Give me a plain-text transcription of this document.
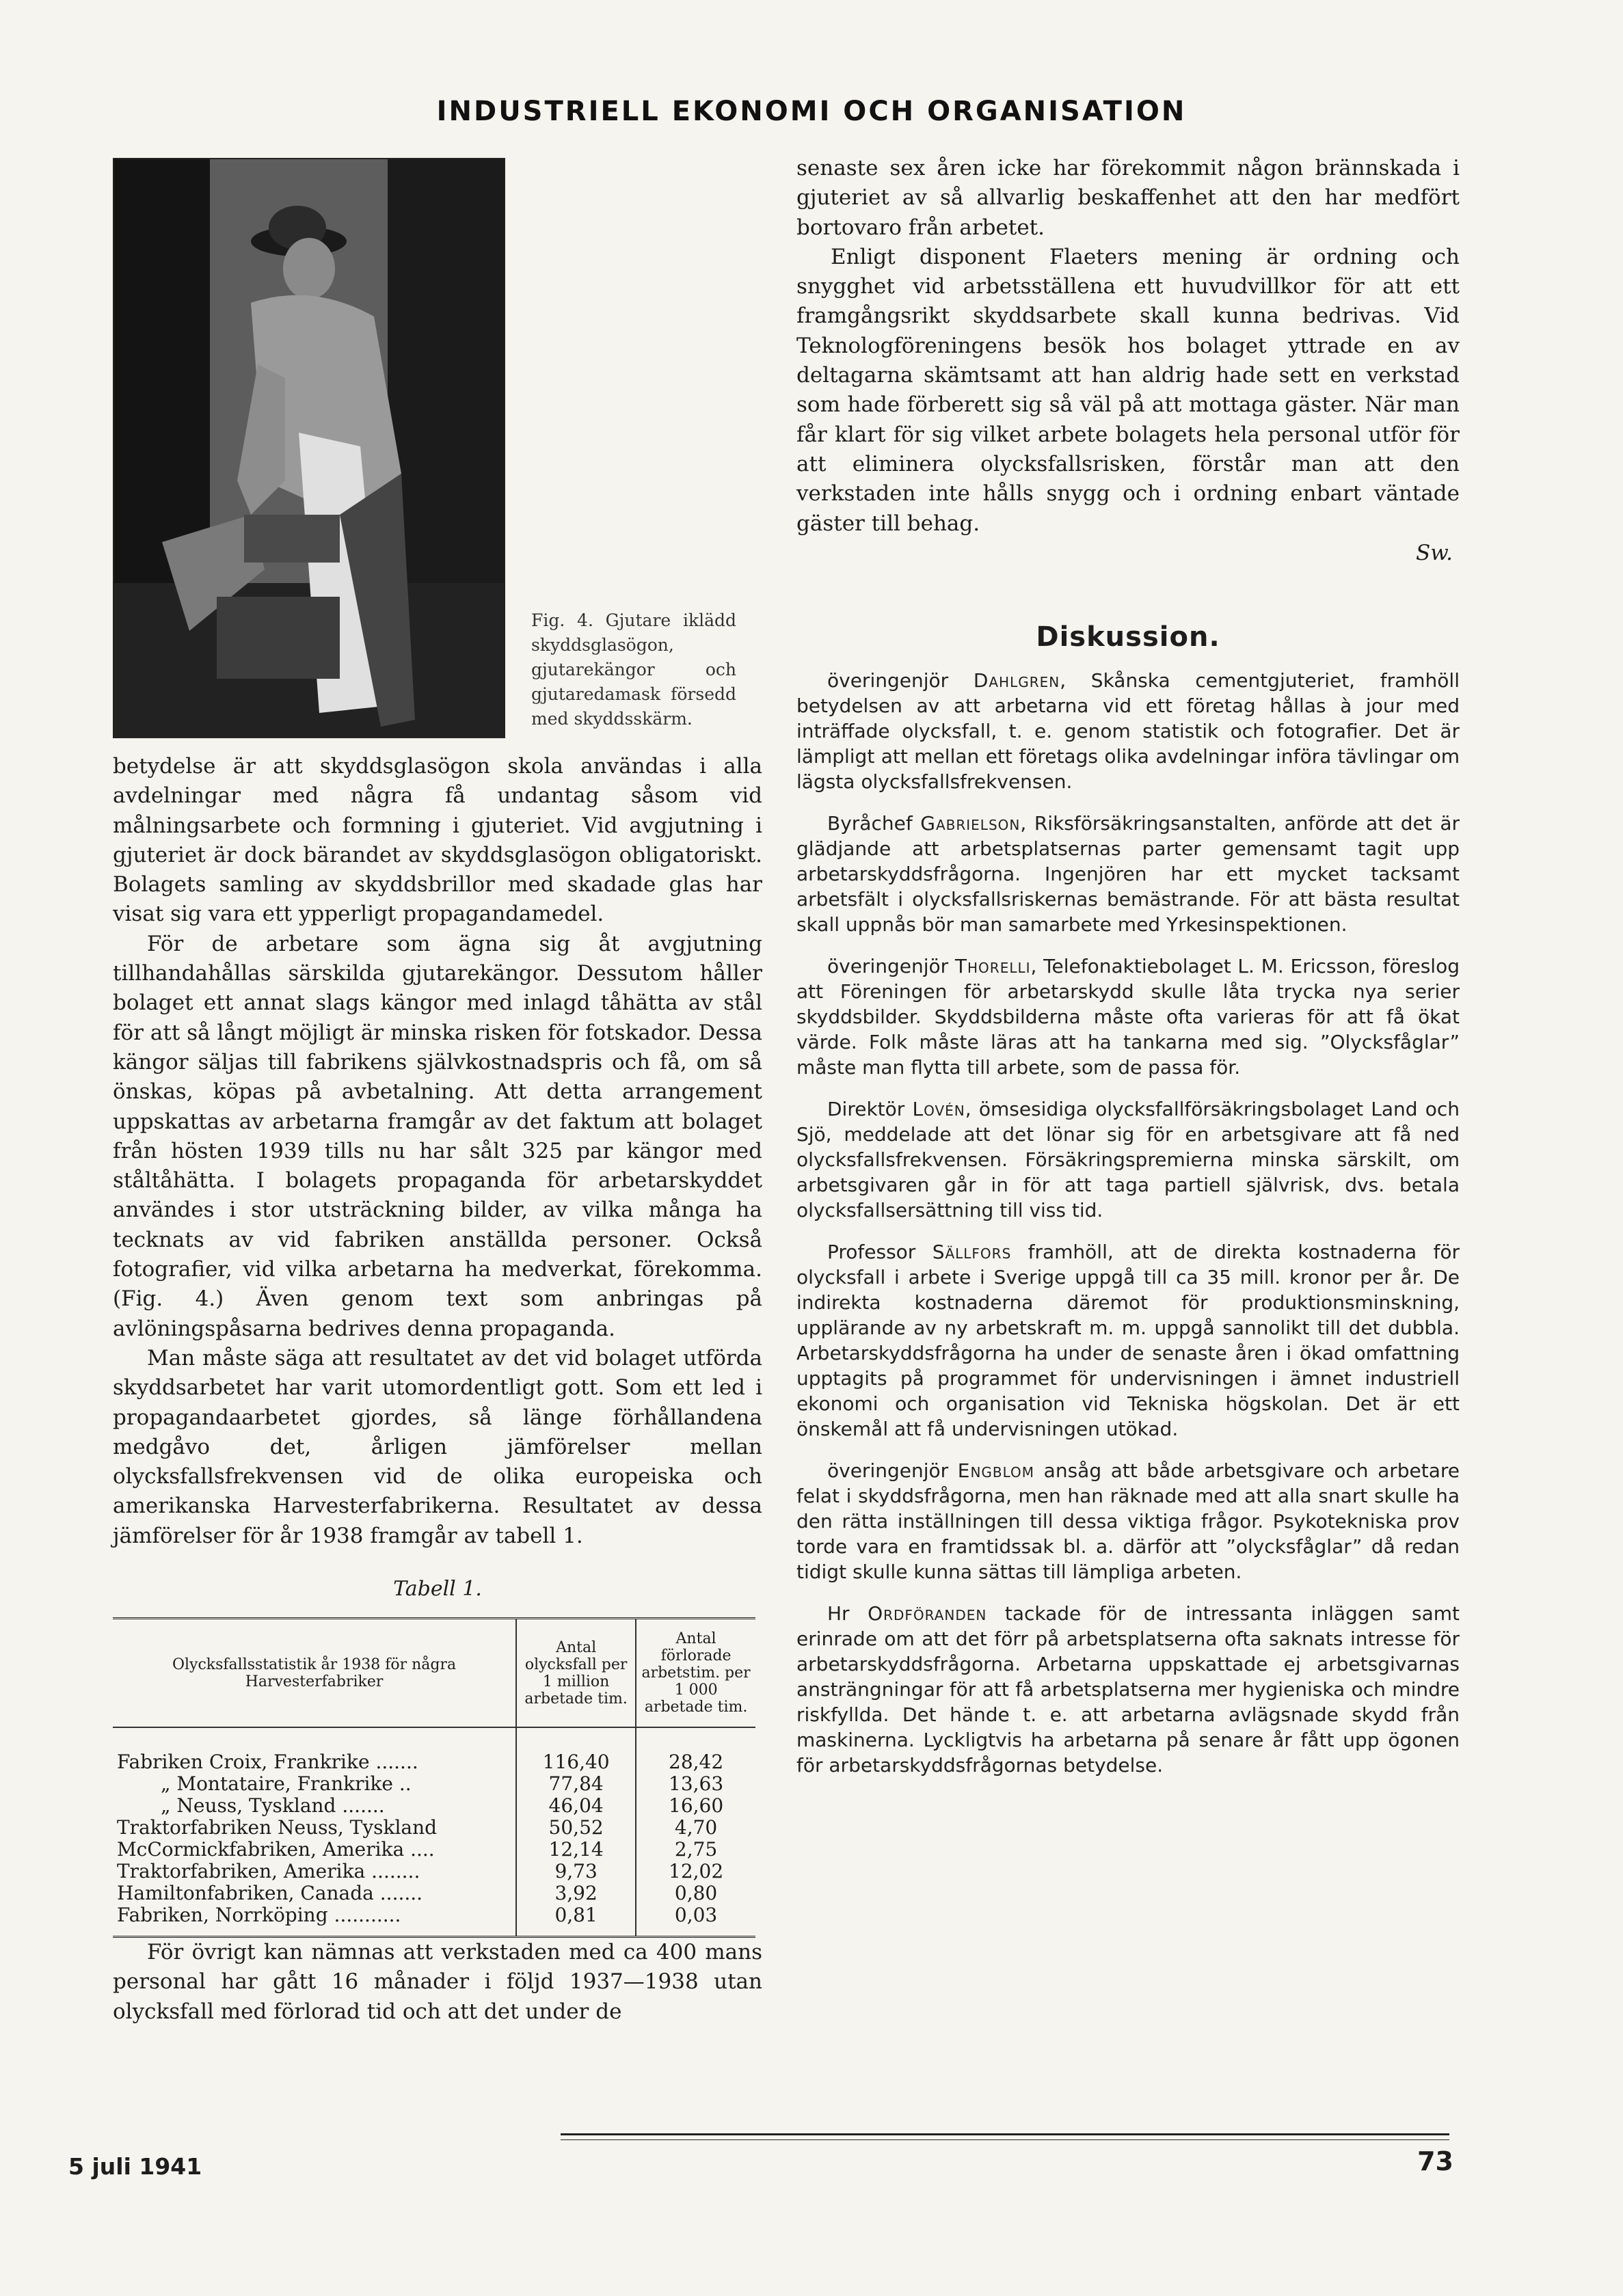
INDUSTRIELL EKONOMI OCH ORGANISATION
Fig. 4. Gjutare iklädd skyddsglasögon, gjutarekängor och gjutaredamask försedd med skyddsskärm.

betydelse är att skyddsglasögon skola användas i alla avdelningar med några få undantag såsom vid målningsarbete och formning i gjuteriet. Vid avgjutning i gjuteriet är dock bärandet av skyddsglasögon obligatoriskt. Bolagets samling av skyddsbrillor med skadade glas har visat sig vara ett ypperligt propagandamedel.

För de arbetare som ägna sig åt avgjutning tillhandahållas särskilda gjutarekängor. Dessutom håller bolaget ett annat slags kängor med inlagd tåhätta av stål för att så långt möjligt är minska risken för fotskador. Dessa kängor säljas till fabrikens självkostnadspris och få, om så önskas, köpas på avbetalning. Att detta arrangement uppskattas av arbetarna framgår av det faktum att bolaget från hösten 1939 tills nu har sålt 325 par kängor med ståltåhätta. I bolagets propaganda för arbetarskyddet användes i stor utsträckning bilder, av vilka många ha tecknats av vid fabriken anställda personer. Också fotografier, vid vilka arbetarna ha medverkat, förekomma. (Fig. 4.) Även genom text som anbringas på avlöningspåsarna bedrives denna propaganda.

Man måste säga att resultatet av det vid bolaget utförda skyddsarbetet har varit utomordentligt gott. Som ett led i propagandaarbetet gjordes, så länge förhållandena medgåvo det, årligen jämförelser mellan olycksfallsfrekvensen vid de olika europeiska och amerikanska Harvesterfabrikerna. Resultatet av dessa jämförelser för år 1938 framgår av tabell 1.

Tabell 1.
Olycksfallsstatistik år 1938 för några Harvesterfabriker	Antal olycksfall per 1 million arbetade tim.	Antal förlorade arbetstim. per 1 000 arbetade tim.
Fabriken Croix, Frankrike .......	116,40	28,42
„ Montataire, Frankrike ..	77,84	13,63
„ Neuss, Tyskland .......	46,04	16,60
Traktorfabriken Neuss, Tyskland	50,52	4,70
McCormickfabriken, Amerika ....	12,14	2,75
Traktorfabriken, Amerika ........	9,73	12,02
Hamiltonfabriken, Canada .......	3,92	0,80
Fabriken, Norrköping ...........	0,81	0,03

För övrigt kan nämnas att verkstaden med ca 400 mans personal har gått 16 månader i följd 1937—1938 utan olycksfall med förlorad tid och att det under de

senaste sex åren icke har förekommit någon brännskada i gjuteriet av så allvarlig beskaffenhet att den har medfört bortovaro från arbetet.

Enligt disponent Flaeters mening är ordning och snygghet vid arbetsställena ett huvudvillkor för att ett framgångsrikt skyddsarbete skall kunna bedrivas. Vid Teknologföreningens besök hos bolaget yttrade en av deltagarna skämtsamt att han aldrig hade sett en verkstad som hade förberett sig så väl på att mottaga gäster. När man får klart för sig vilket arbete bolagets hela personal utför för att eliminera olycksfallsrisken, förstår man att den verkstaden inte hålls snygg och i ordning enbart väntade gäster till behag.

Sw.
Diskussion.

överingenjör Dahlgren, Skånska cementgjuteriet, framhöll betydelsen av att arbetarna vid ett företag hållas à jour med inträffade olycksfall, t. e. genom statistik och fotografier. Det är lämpligt att mellan ett företags olika avdelningar införa tävlingar om lägsta olycksfallsfrekvensen.

Byråchef Gabrielson, Riksförsäkringsanstalten, anförde att det är glädjande att arbetsplatsernas parter gemensamt tagit upp arbetarskyddsfrågorna. Ingenjören har ett mycket tacksamt arbetsfält i olycksfallsriskernas bemästrande. För att bästa resultat skall uppnås bör man samarbete med Yrkesinspektionen.

överingenjör Thorelli, Telefonaktiebolaget L. M. Ericsson, föreslog att Föreningen för arbetarskydd skulle låta trycka nya serier skyddsbilder. Skyddsbilderna måste ofta varieras för att få ökat värde. Folk måste läras att ha tankarna med sig. ”Olycksfåglar” måste man flytta till arbete, som de passa för.

Direktör Lovén, ömsesidiga olycksfallförsäkringsbolaget Land och Sjö, meddelade att det lönar sig för en arbetsgivare att få ned olycksfallsfrekvensen. Försäkringspremierna minska särskilt, om arbetsgivaren går in för att taga partiell självrisk, dvs. betala olycksfallsersättning till viss tid.

Professor Sällfors framhöll, att de direkta kostnaderna för olycksfall i arbete i Sverige uppgå till ca 35 mill. kronor per år. De indirekta kostnaderna däremot för produktionsminskning, upplärande av ny arbetskraft m. m. uppgå sannolikt till det dubbla. Arbetarskyddsfrågorna ha under de senaste åren i ökad omfattning upptagits på programmet för undervisningen i ämnet industriell ekonomi och organisation vid Tekniska högskolan. Det är ett önskemål att få undervisningen utökad.

överingenjör Engblom ansåg att både arbetsgivare och arbetare felat i skyddsfrågorna, men han räknade med att alla snart skulle ha den rätta inställningen till dessa viktiga frågor. Psykotekniska prov torde vara en framtidssak bl. a. därför att ”olycksfåglar” då redan tidigt skulle kunna sättas till lämpliga arbeten.

Hr Ordföranden tackade för de intressanta inläggen samt erinrade om att det förr på arbetsplatserna ofta saknats intresse för arbetarskyddsfrågorna. Arbetarna uppskattade ej arbetsgivarnas ansträngningar för att få arbetsplatserna mer hygieniska och mindre riskfyllda. Det hände t. e. att arbetarna avlägsnade skydd från maskinerna. Lyckligtvis ha arbetarna på senare år fått upp ögonen för arbetarskyddsfrågornas betydelse.

5 juli 1941	73
